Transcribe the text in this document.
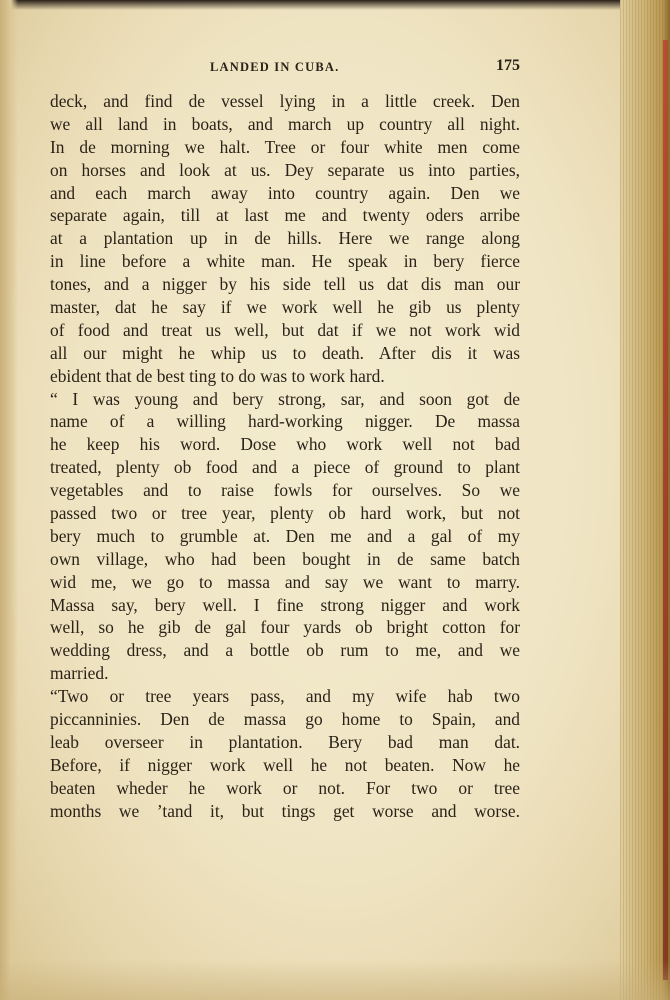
LANDED IN CUBA.	175
deck, and find de vessel lying in a little creek. Den
we all land in boats, and march up country all night.
In de morning we halt. Tree or four white men come
on horses and look at us. Dey separate us into parties,
and each march away into country again. Den we
separate again, till at last me and twenty oders arribe
at a plantation up in de hills. Here we range along
in line before a white man. He speak in bery fierce
tones, and a nigger by his side tell us dat dis man our
master, dat he say if we work well he gib us plenty
of food and treat us well, but dat if we not work wid
all our might he whip us to death. After dis it was
ebident that de best ting to do was to work hard.
“ I was young and bery strong, sar, and soon got de
name of a willing hard-working nigger. De massa
he keep his word. Dose who work well not bad
treated, plenty ob food and a piece of ground to plant
vegetables and to raise fowls for ourselves. So we
passed two or tree year, plenty ob hard work, but not
bery much to grumble at. Den me and a gal of my
own village, who had been bought in de same batch
wid me, we go to massa and say we want to marry.
Massa say, bery well. I fine strong nigger and work
well, so he gib de gal four yards ob bright cotton for
wedding dress, and a bottle ob rum to me, and we
married.
“Two or tree years pass, and my wife hab two
piccanninies. Den de massa go home to Spain, and
leab overseer in plantation. Bery bad man dat.
Before, if nigger work well he not beaten. Now he
beaten wheder he work or not. For two or tree
months we ’tand it, but tings get worse and worse.
